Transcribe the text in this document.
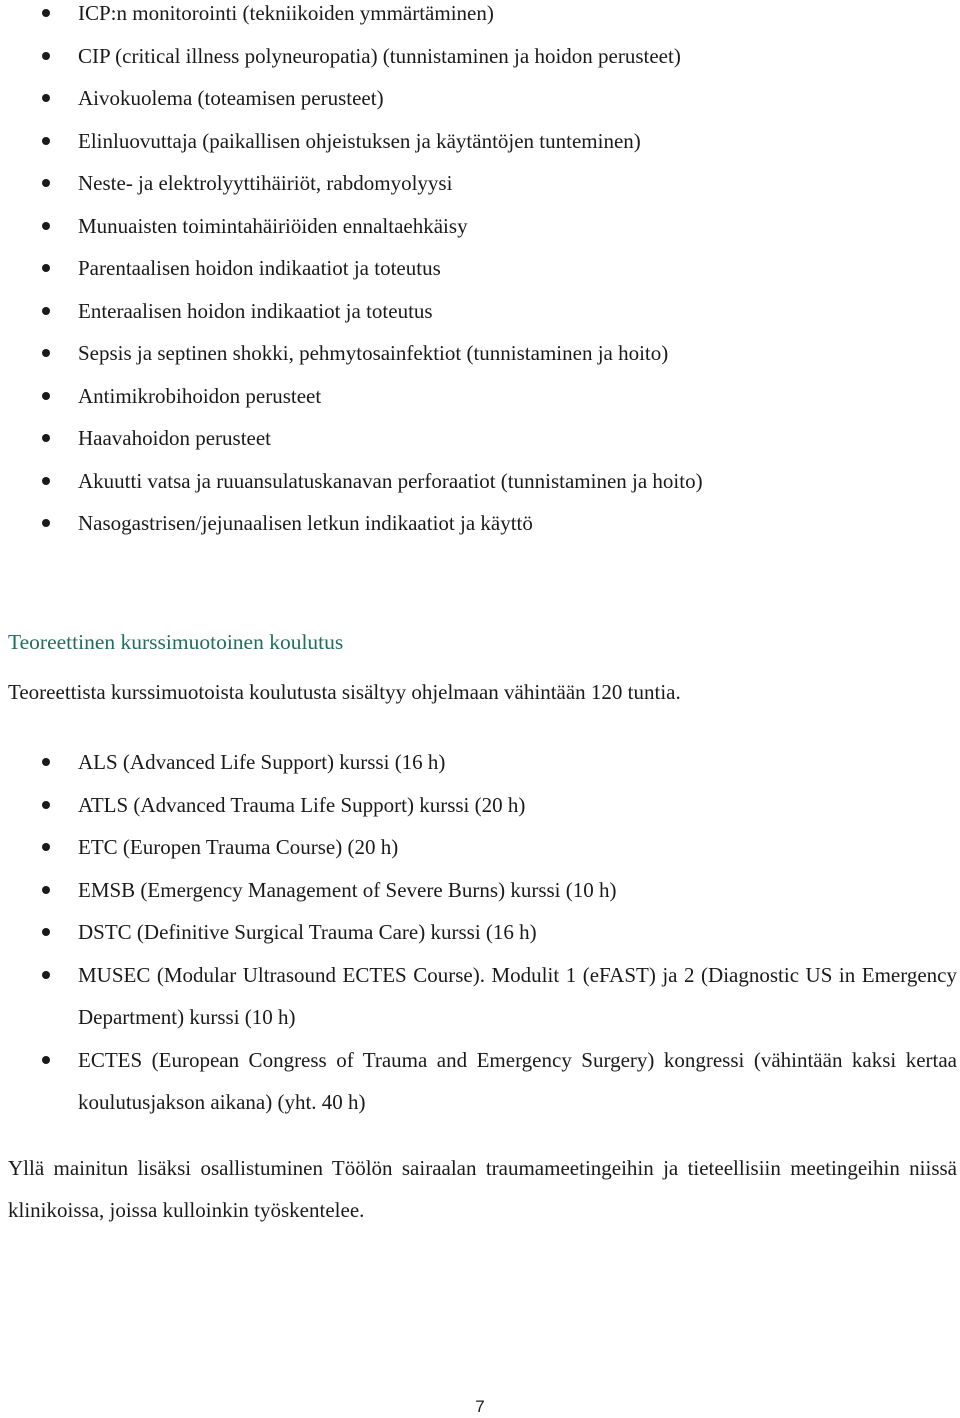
ICP:n monitorointi (tekniikoiden ymmärtäminen)
CIP (critical illness polyneuropatia) (tunnistaminen ja hoidon perusteet)
Aivokuolema (toteamisen perusteet)
Elinluovuttaja (paikallisen ohjeistuksen ja käytäntöjen tunteminen)
Neste- ja elektrolyyttihäiriöt, rabdomyolyysi
Munuaisten toimintahäiriöiden ennaltaehkäisy
Parentaalisen hoidon indikaatiot ja toteutus
Enteraalisen hoidon indikaatiot ja toteutus
Sepsis ja septinen shokki, pehmytosainfektiot (tunnistaminen ja hoito)
Antimikrobihoidon perusteet
Haavahoidon perusteet
Akuutti vatsa ja ruuansulatuskanavan perforaatiot (tunnistaminen ja hoito)
Nasogastrisen/jejunaalisen letkun indikaatiot ja käyttö
Teoreettinen kurssimuotoinen koulutus
Teoreettista kurssimuotoista koulutusta sisältyy ohjelmaan vähintään 120 tuntia.
ALS (Advanced Life Support) kurssi (16 h)
ATLS (Advanced Trauma Life Support) kurssi (20 h)
ETC (Europen Trauma Course) (20 h)
EMSB (Emergency Management of Severe Burns) kurssi (10 h)
DSTC (Definitive Surgical Trauma Care) kurssi (16 h)
MUSEC (Modular Ultrasound ECTES Course). Modulit 1 (eFAST) ja 2 (Diagnostic US in Emergency Department) kurssi (10 h)
ECTES (European Congress of Trauma and Emergency Surgery) kongressi (vähintään kaksi kertaa koulutusjakson aikana) (yht. 40 h)
Yllä mainitun lisäksi osallistuminen Töölön sairaalan traumameetingeihin ja tieteellisiin meetingeihin niissä klinikoissa, joissa kulloinkin työskentelee.
7
